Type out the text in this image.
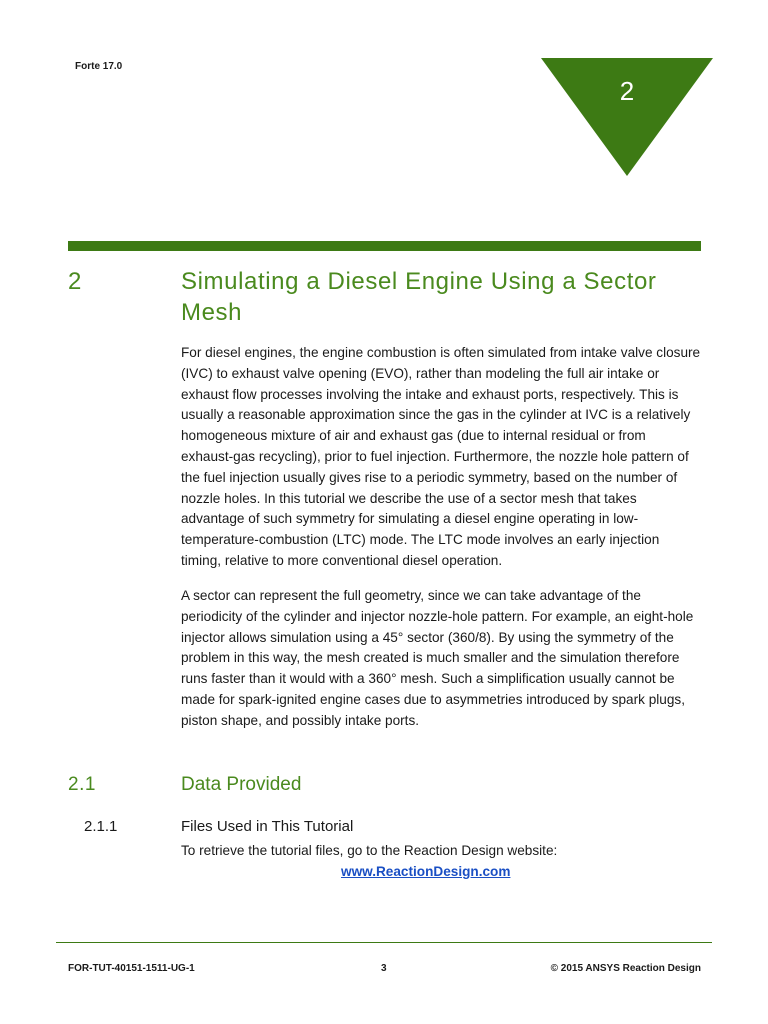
Forte 17.0
2
2	Simulating a Diesel Engine Using a Sector Mesh
For diesel engines, the engine combustion is often simulated from intake valve closure (IVC) to exhaust valve opening (EVO), rather than modeling the full air intake or exhaust flow processes involving the intake and exhaust ports, respectively. This is usually a reasonable approximation since the gas in the cylinder at IVC is a relatively homogeneous mixture of air and exhaust gas (due to internal residual or from exhaust-gas recycling), prior to fuel injection. Furthermore, the nozzle hole pattern of the fuel injection usually gives rise to a periodic symmetry, based on the number of nozzle holes. In this tutorial we describe the use of a sector mesh that takes advantage of such symmetry for simulating a diesel engine operating in low-temperature-combustion (LTC) mode. The LTC mode involves an early injection timing, relative to more conventional diesel operation.
A sector can represent the full geometry, since we can take advantage of the periodicity of the cylinder and injector nozzle-hole pattern. For example, an eight-hole injector allows simulation using a 45° sector (360/8). By using the symmetry of the problem in this way, the mesh created is much smaller and the simulation therefore runs faster than it would with a 360° mesh. Such a simplification usually cannot be made for spark-ignited engine cases due to asymmetries introduced by spark plugs, piston shape, and possibly intake ports.
2.1	Data Provided
2.1.1	Files Used in This Tutorial
To retrieve the tutorial files, go to the Reaction Design website:
www.ReactionDesign.com
FOR-TUT-40151-1511-UG-1	3	© 2015 ANSYS Reaction Design
